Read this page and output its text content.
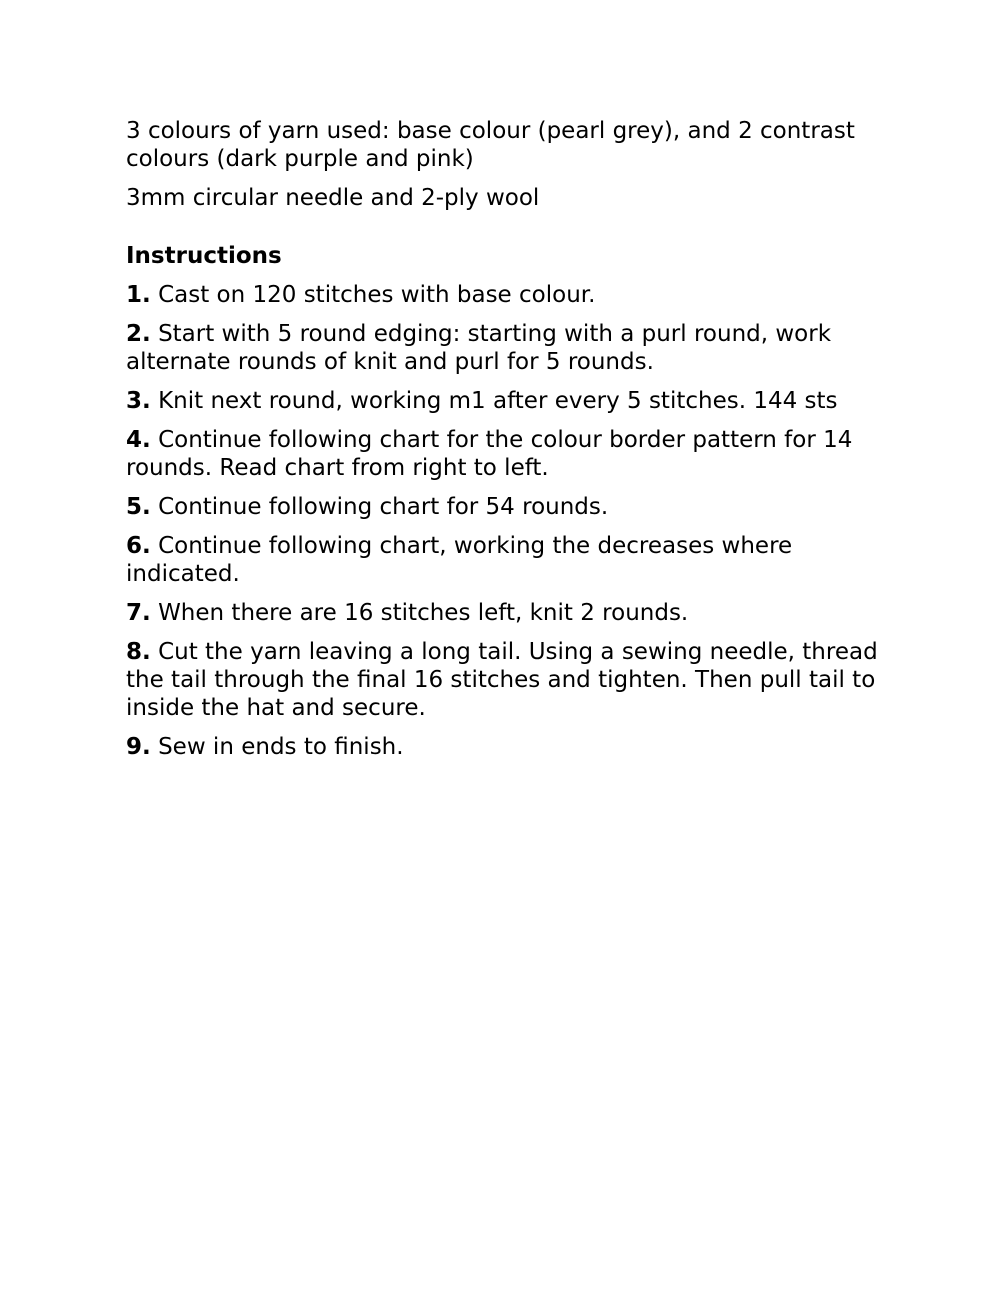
3 colours of yarn used: base colour (pearl grey), and 2 contrast colours (dark purple and pink)

3mm circular needle and 2-ply wool

Instructions

1. Cast on 120 stitches with base colour.

2. Start with 5 round edging: starting with a purl round, work alternate rounds of knit and purl for 5 rounds.

3. Knit next round, working m1 after every 5 stitches. 144 sts

4. Continue following chart for the colour border pattern for 14 rounds. Read chart from right to left.

5. Continue following chart for 54 rounds.

6. Continue following chart, working the decreases where indicated.

7. When there are 16 stitches left, knit 2 rounds.

8. Cut the yarn leaving a long tail. Using a sewing needle, thread the tail through the final 16 stitches and tighten. Then pull tail to inside the hat and secure.

9. Sew in ends to finish.
